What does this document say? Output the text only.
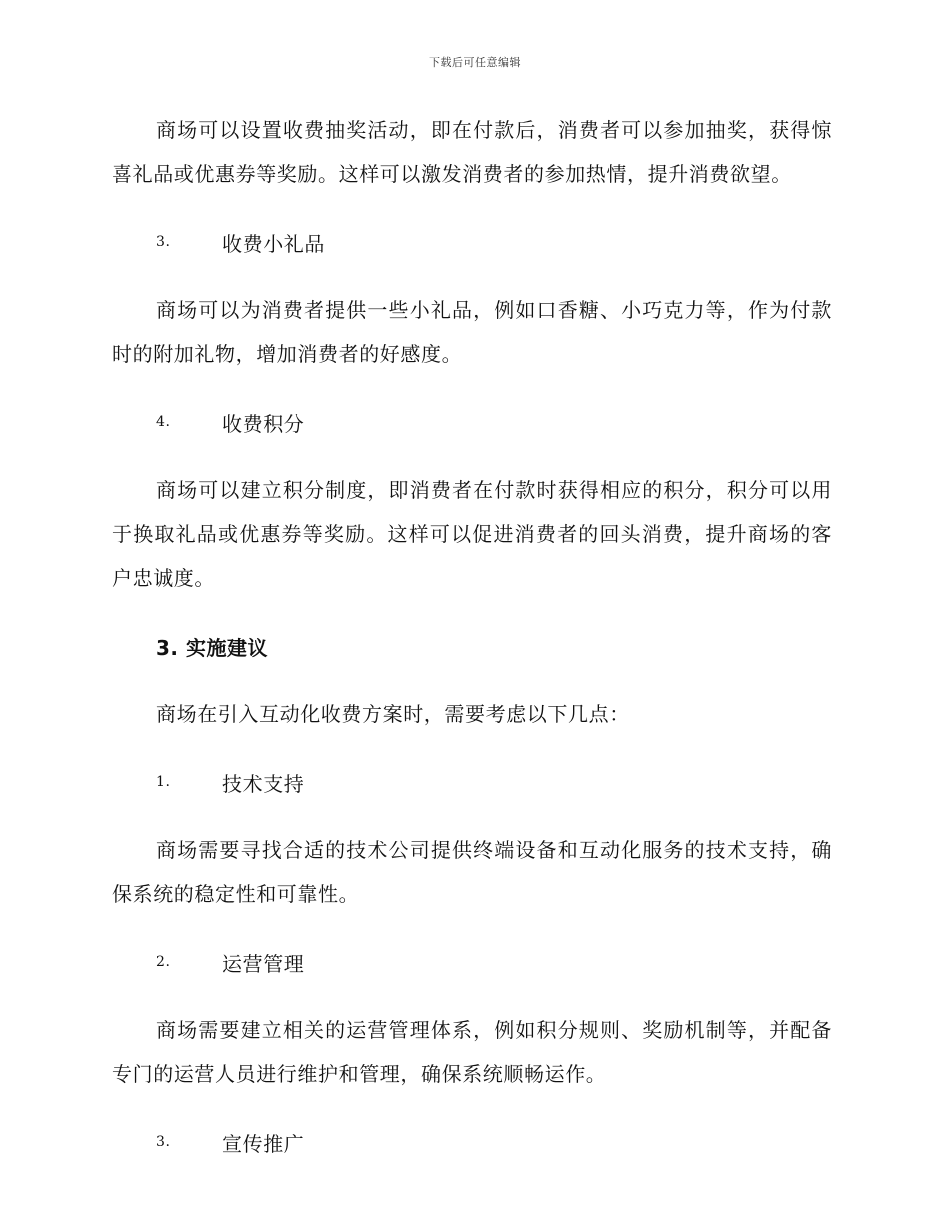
下载后可任意编辑

商场可以设置收费抽奖活动，即在付款后，消费者可以参加抽奖，获得惊喜礼品或优惠券等奖励。这样可以激发消费者的参加热情，提升消费欲望。

3.	收费小礼品

商场可以为消费者提供一些小礼品，例如口香糖、小巧克力等，作为付款时的附加礼物，增加消费者的好感度。

4.	收费积分

商场可以建立积分制度，即消费者在付款时获得相应的积分，积分可以用于换取礼品或优惠券等奖励。这样可以促进消费者的回头消费，提升商场的客户忠诚度。

3. 实施建议

商场在引入互动化收费方案时，需要考虑以下几点：

1.	技术支持

商场需要寻找合适的技术公司提供终端设备和互动化服务的技术支持，确保系统的稳定性和可靠性。

2.	运营管理

商场需要建立相关的运营管理体系，例如积分规则、奖励机制等，并配备专门的运营人员进行维护和管理，确保系统顺畅运作。

3.	宣传推广
